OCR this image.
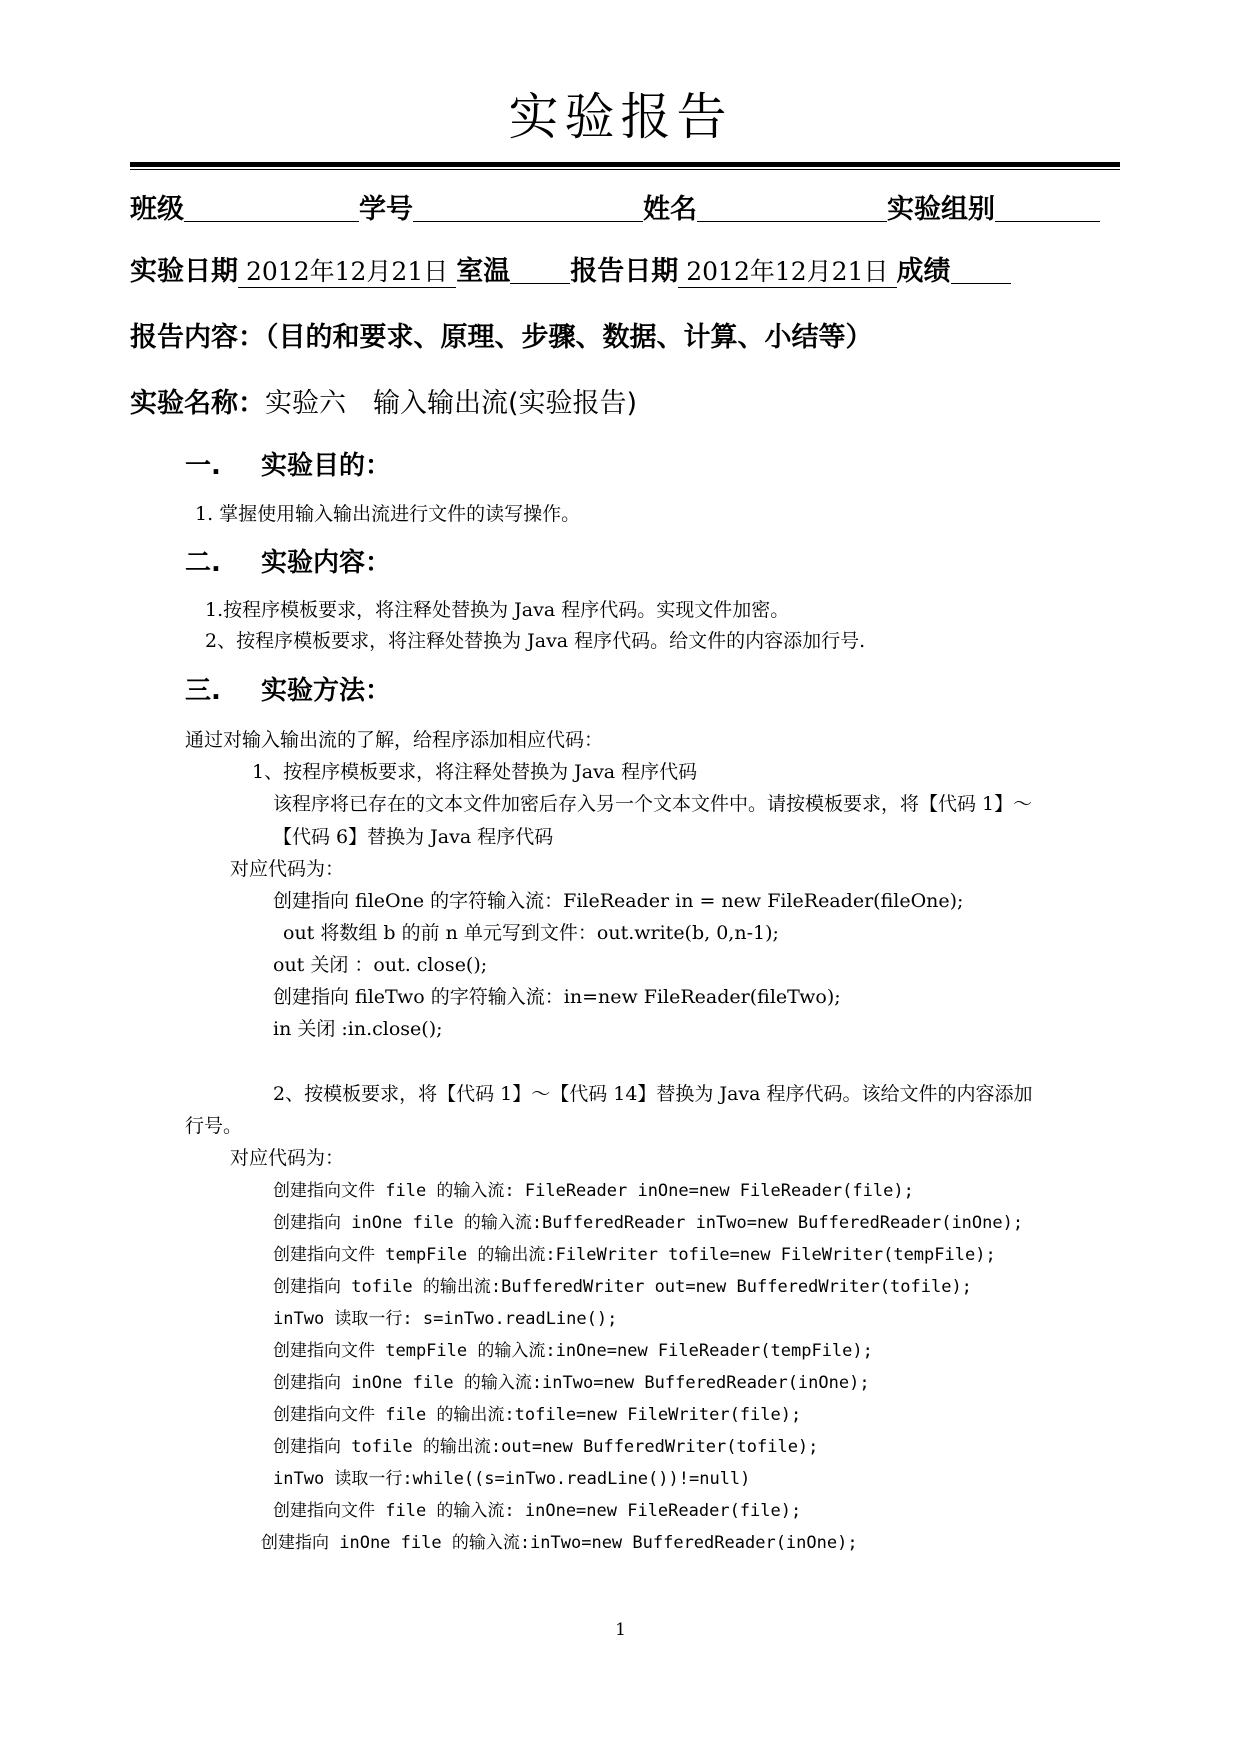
实验报告
班级	学号	姓名	实验组别
实验日期 2012年12月21日 室温 报告日期 2012年12月21日 成绩
报告内容：（目的和要求、原理、步骤、数据、计算、小结等）
实验名称：实验六　输入输出流(实验报告)
一. 实验目的：
1. 掌握使用输入输出流进行文件的读写操作。
二. 实验内容：
1.按程序模板要求，将注释处替换为 Java 程序代码。实现文件加密。
2、按程序模板要求，将注释处替换为 Java 程序代码。给文件的内容添加行号.
三. 实验方法：
通过对输入输出流的了解，给程序添加相应代码：
1、按程序模板要求，将注释处替换为 Java 程序代码
该程序将已存在的文本文件加密后存入另一个文本文件中。请按模板要求，将【代码 1】～
【代码 6】替换为 Java 程序代码
对应代码为：
创建指向 fileOne 的字符输入流：FileReader in = new FileReader(fileOne);
out 将数组 b 的前 n 单元写到文件：out.write(b, 0,n-1);
out 关闭 ：out. close();
创建指向 fileTwo 的字符输入流：in=new FileReader(fileTwo);
in 关闭 :in.close();
2、按模板要求，将【代码 1】～【代码 14】替换为 Java 程序代码。该给文件的内容添加
行号。
对应代码为：
创建指向文件 file 的输入流: FileReader inOne=new FileReader(file);
创建指向 inOne file 的输入流:BufferedReader inTwo=new BufferedReader(inOne);
创建指向文件 tempFile 的输出流:FileWriter tofile=new FileWriter(tempFile);
创建指向 tofile 的输出流:BufferedWriter out=new BufferedWriter(tofile);
inTwo 读取一行: s=inTwo.readLine();
创建指向文件 tempFile 的输入流:inOne=new FileReader(tempFile);
创建指向 inOne file 的输入流:inTwo=new BufferedReader(inOne);
创建指向文件 file 的输出流:tofile=new FileWriter(file);
创建指向 tofile 的输出流:out=new BufferedWriter(tofile);
inTwo 读取一行:while((s=inTwo.readLine())!=null)
创建指向文件 file 的输入流: inOne=new FileReader(file);
创建指向 inOne file 的输入流:inTwo=new BufferedReader(inOne);
1
